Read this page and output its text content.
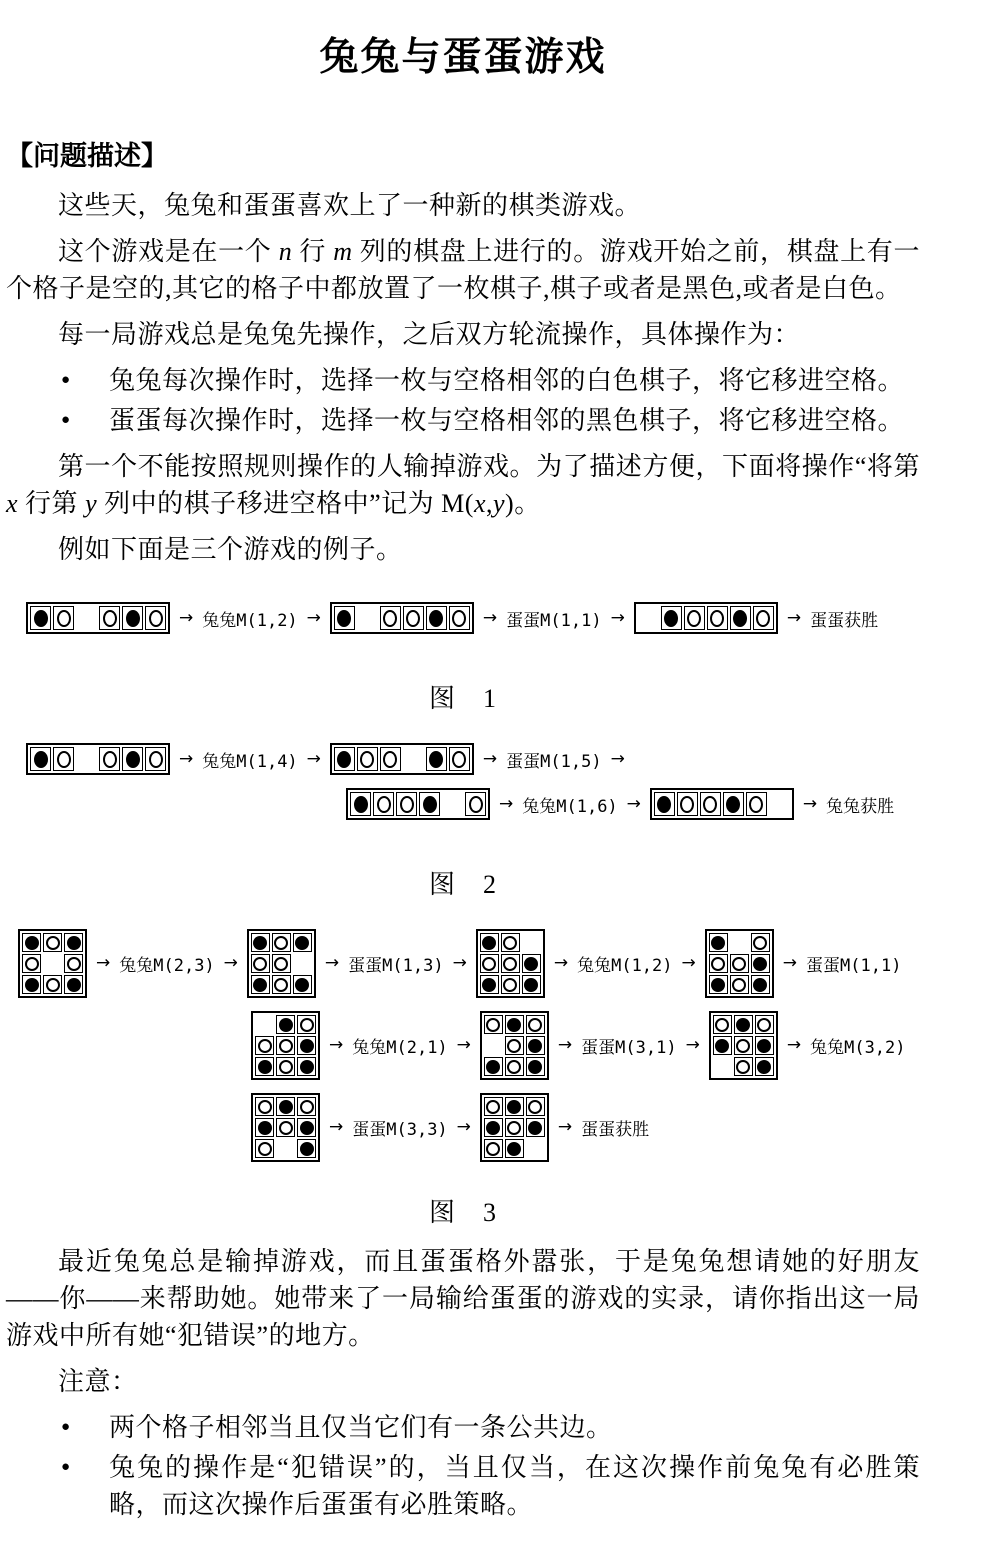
兔兔与蛋蛋游戏
【问题描述】

这些天，兔兔和蛋蛋喜欢上了一种新的棋类游戏。

这个游戏是在一个 n 行 m 列的棋盘上进行的。游戏开始之前，棋盘上有一个格子是空的,其它的格子中都放置了一枚棋子,棋子或者是黑色,或者是白色。

每一局游戏总是兔兔先操作，之后双方轮流操作，具体操作为：

●	兔兔每次操作时，选择一枚与空格相邻的白色棋子，将它移进空格。
●	蛋蛋每次操作时，选择一枚与空格相邻的黑色棋子，将它移进空格。

第一个不能按照规则操作的人输掉游戏。为了描述方便，下面将操作“将第 x 行第 y 列中的棋子移进空格中”记为 M(x,y)。

例如下面是三个游戏的例子。

→ 兔兔M(1,2) →	→ 蛋蛋M(1,1) →	→ 蛋蛋获胜
图　1
→ 兔兔M(1,4) →	→ 蛋蛋M(1,5) →
→ 兔兔M(1,6) →	→ 兔兔获胜
图　2
→ 兔兔M(2,3) →	→ 蛋蛋M(1,3) →	→ 兔兔M(1,2) →	→ 蛋蛋M(1,1)
→ 兔兔M(2,1) →	→ 蛋蛋M(3,1) →	→ 兔兔M(3,2)
→ 蛋蛋M(3,3) →	→ 蛋蛋获胜
图　3

最近兔兔总是输掉游戏，而且蛋蛋格外嚣张，于是兔兔想请她的好朋友——你——来帮助她。她带来了一局输给蛋蛋的游戏的实录，请你指出这一局游戏中所有她“犯错误”的地方。

注意：

●	两个格子相邻当且仅当它们有一条公共边。
●	兔兔的操作是“犯错误”的，当且仅当，在这次操作前兔兔有必胜策略，而这次操作后蛋蛋有必胜策略。
